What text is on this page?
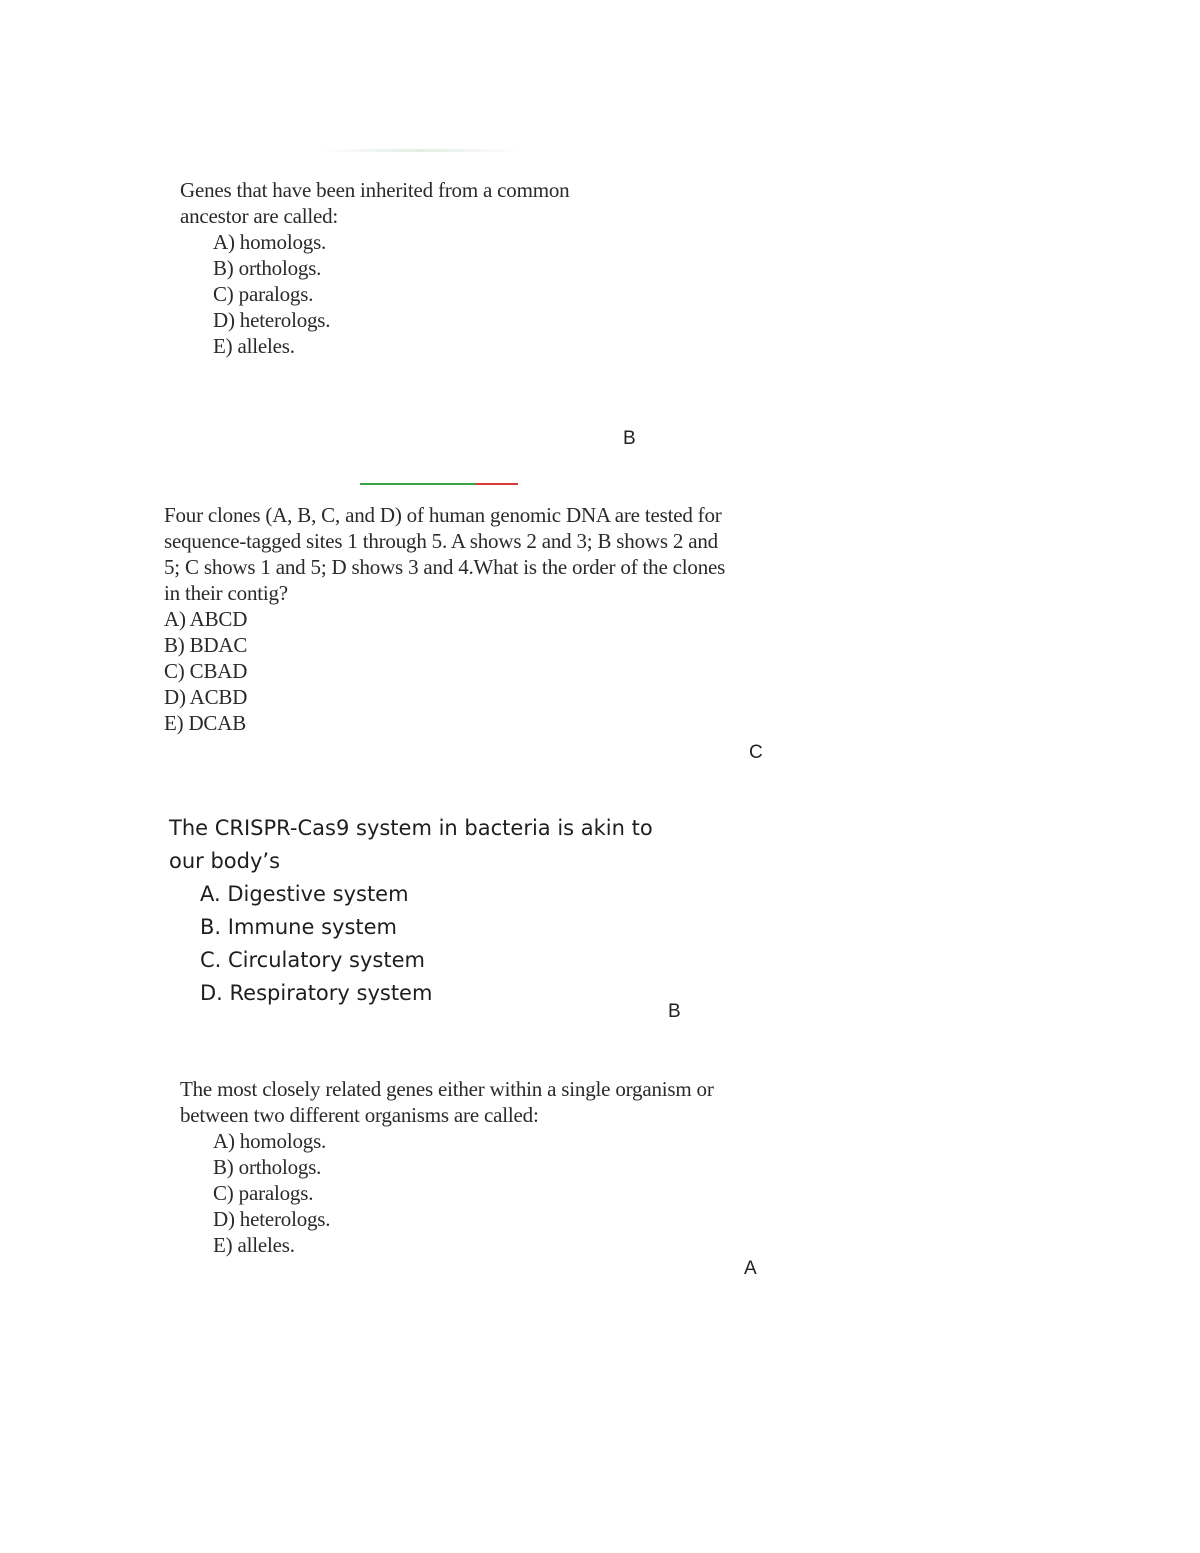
Genes that have been inherited from a common ancestor are called:

A) homologs.
B) orthologs.
C) paralogs.
D) heterologs.
E) alleles.
B

Four clones (A, B, C, and D) of human genomic DNA are tested for sequence-tagged sites 1 through 5. A shows 2 and 3; B shows 2 and 5; C shows 1 and 5; D shows 3 and 4.What is the order of the clones in their contig?

A) ABCD
B) BDAC
C) CBAD
D) ACBD
E) DCAB
C

The CRISPR-Cas9 system in bacteria is akin to our body’s

A. Digestive system
B. Immune system
C. Circulatory system
D. Respiratory system
B

The most closely related genes either within a single organism or between two different organisms are called:

A) homologs.
B) orthologs.
C) paralogs.
D) heterologs.
E) alleles.
A
